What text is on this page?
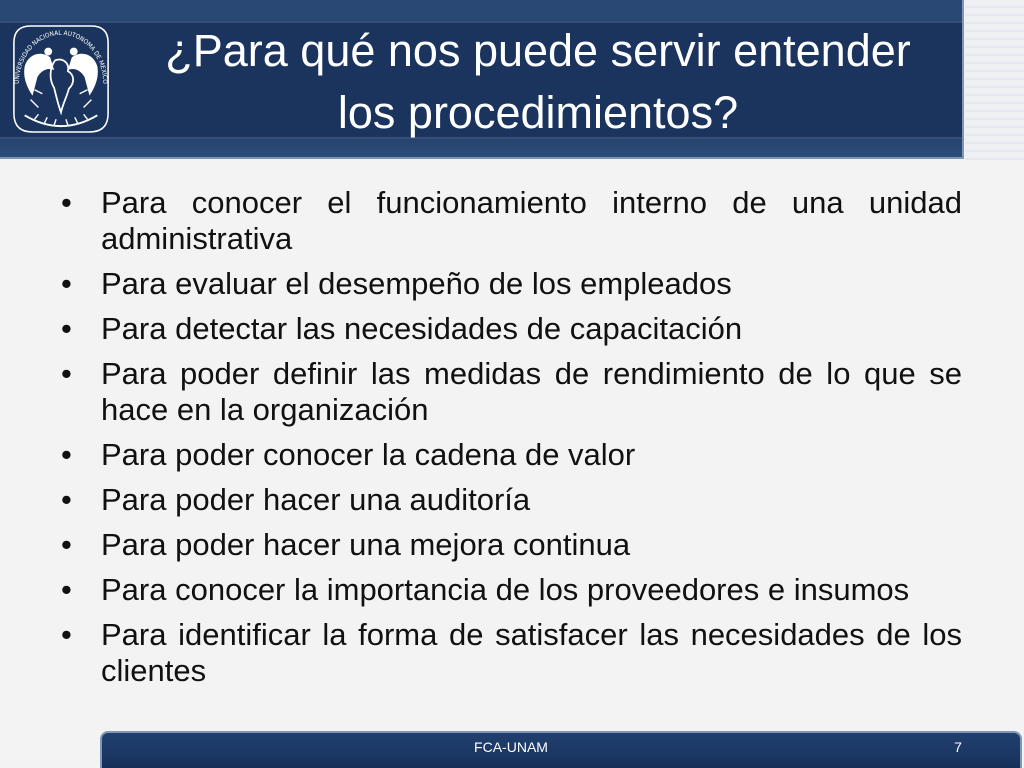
UNIVERSIDAD NACIONAL AUTONOMA DE MEXICO
¿Para qué nos puede servir entender los procedimientos?
•
Para conocer el funcionamiento interno de una unidad administrativa
•
Para evaluar el desempeño de los empleados
•
Para detectar las necesidades de capacitación
•
Para poder definir las medidas de rendimiento de lo que se hace en la organización
•
Para poder conocer la cadena de valor
•
Para poder hacer una auditoría
•
Para poder hacer una mejora continua
•
Para conocer la importancia de los proveedores e insumos
•
Para identificar la forma de satisfacer las necesidades de los clientes
FCA-UNAM	7
